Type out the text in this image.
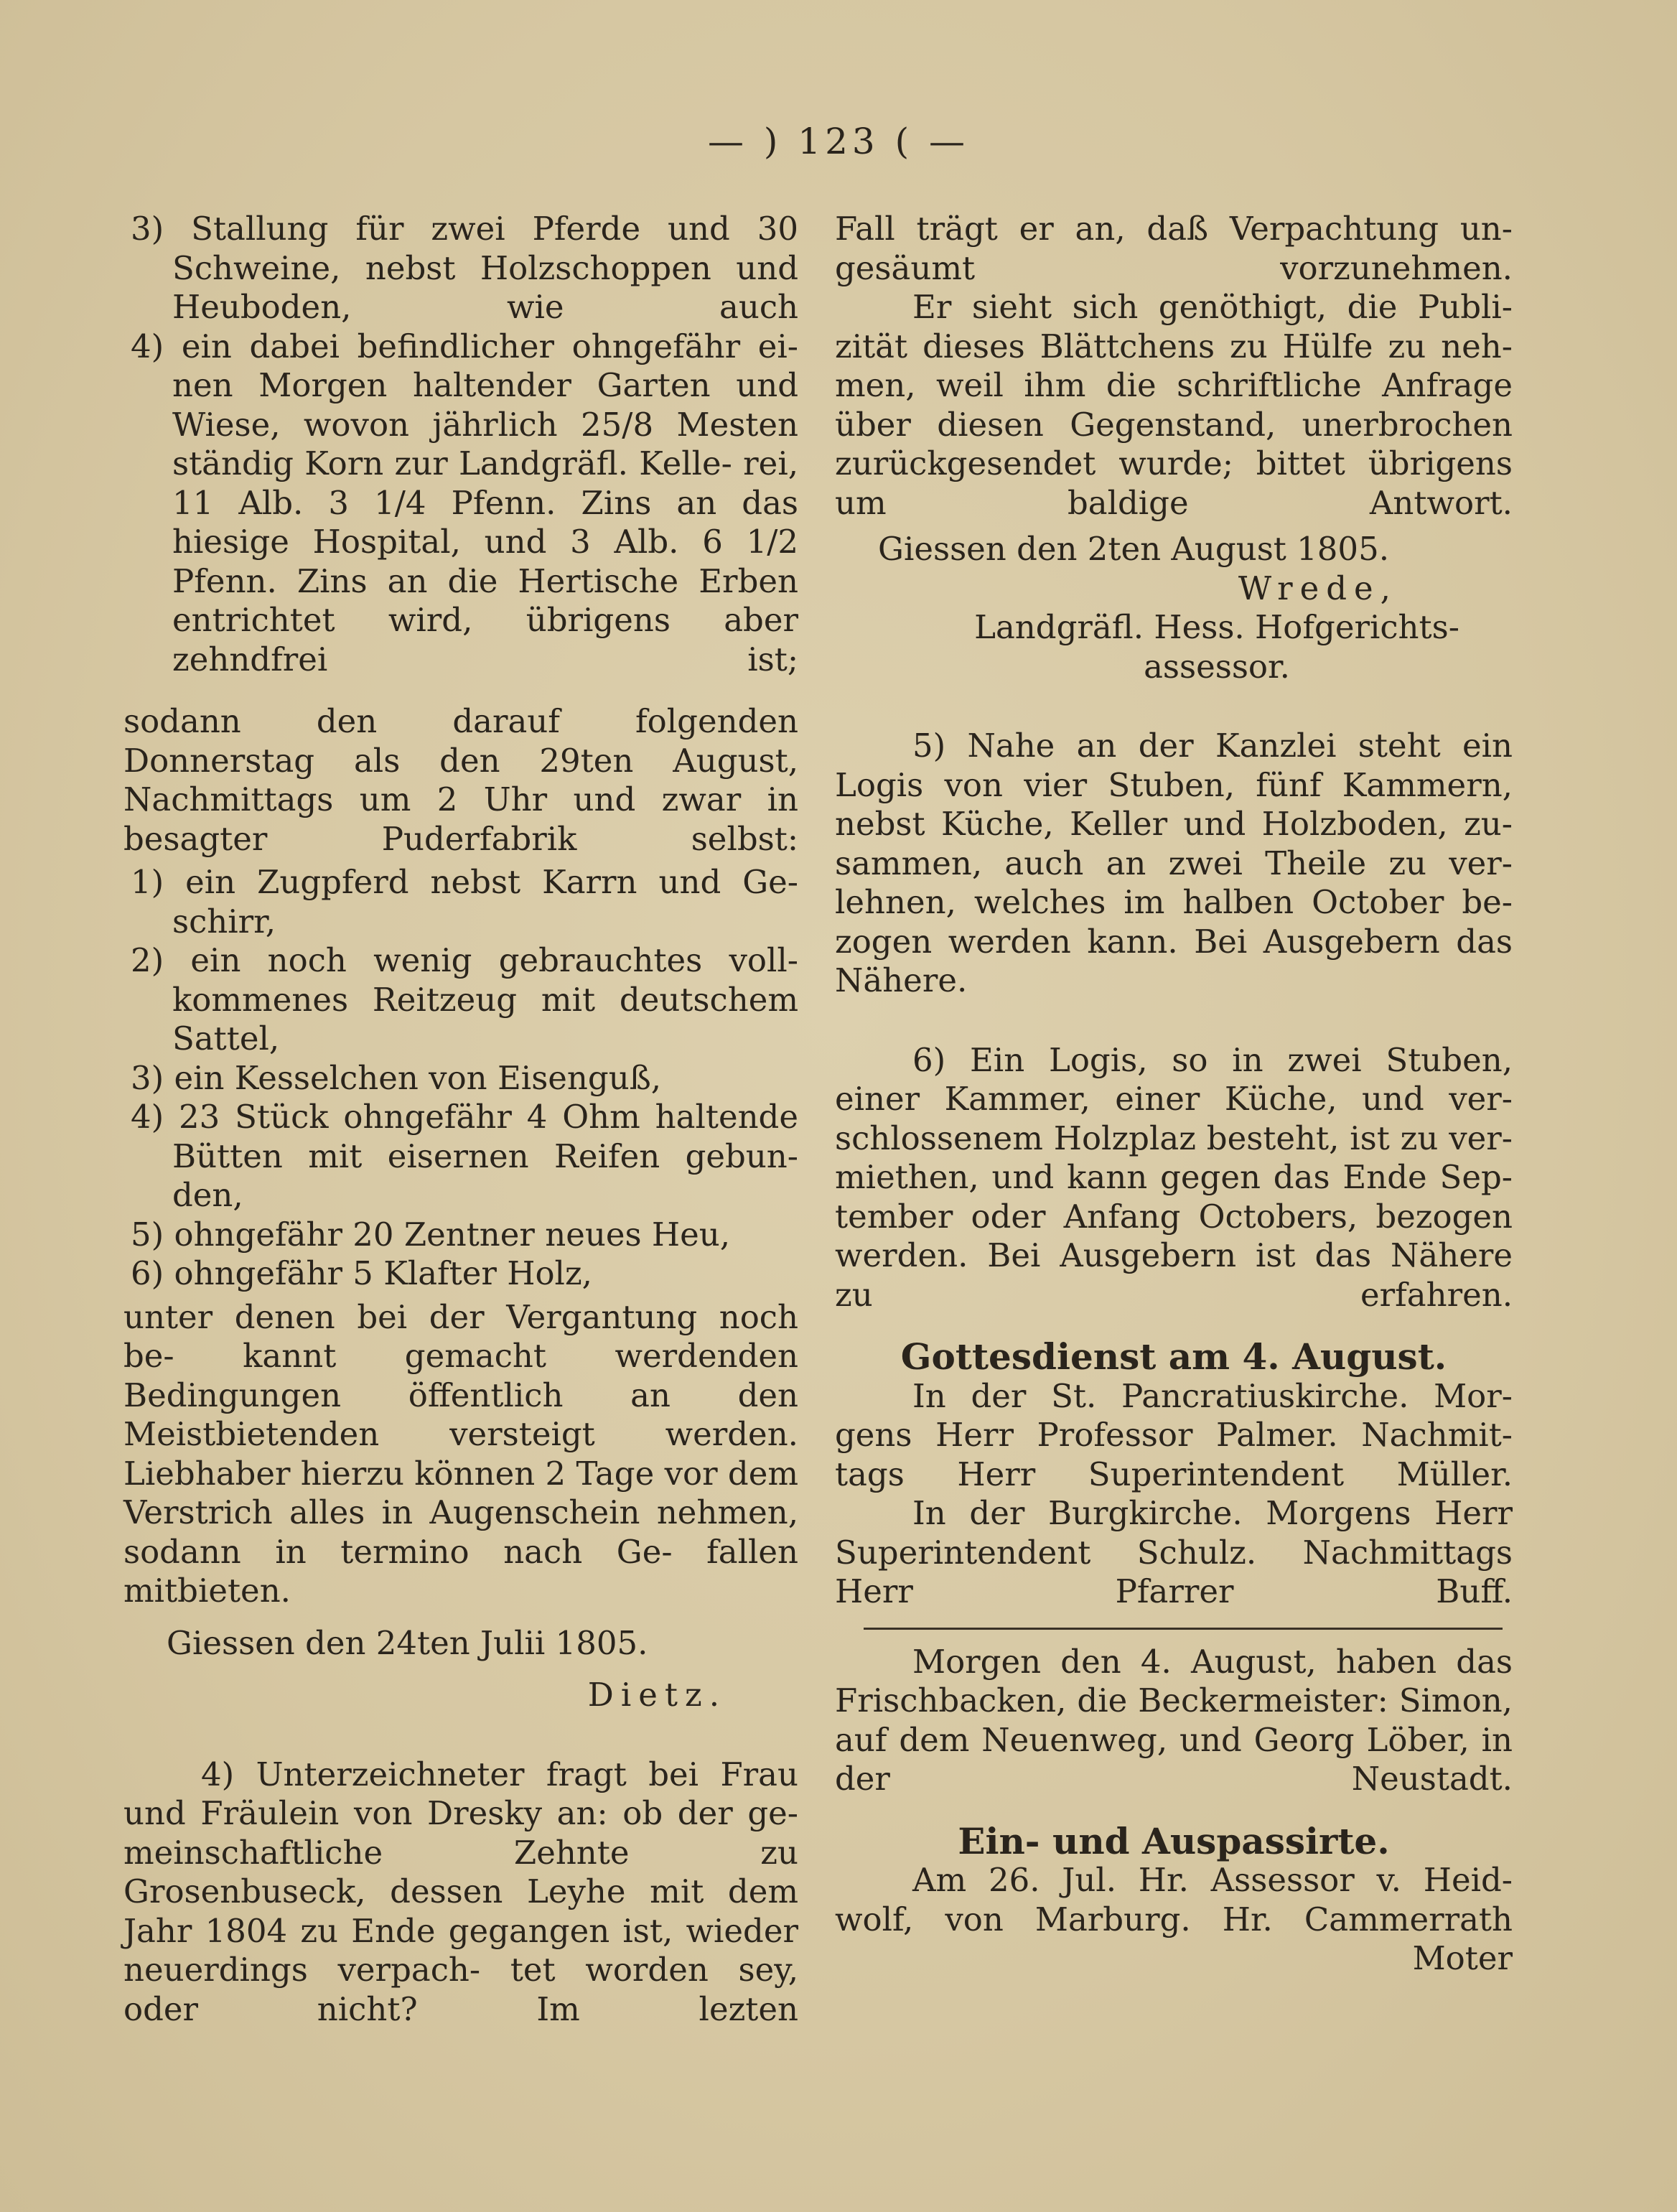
— ) 123 ( —

3) Stallung für zwei Pferde und 30 Schweine, nebst Holzschoppen und Heuboden, wie auch

4) ein dabei befindlicher ohngefähr ei- nen Morgen haltender Garten und Wiese, wovon jährlich 25/8 Mesten ständig Korn zur Landgräfl. Kelle- rei, 11 Alb. 3 1/4 Pfenn. Zins an das hiesige Hospital, und 3 Alb. 6 1/2 Pfenn. Zins an die Hertische Erben entrichtet wird, übrigens aber zehndfrei ist;

sodann den darauf folgenden Donnerstag als den 29ten August, Nachmittags um 2 Uhr und zwar in besagter Puderfabrik	selbst:

1) ein Zugpferd nebst Karrn und Ge- schirr,

2) ein noch wenig gebrauchtes voll- kommenes Reitzeug mit deutschem Sattel,

3) ein Kesselchen von Eisenguß,

4) 23 Stück ohngefähr 4 Ohm haltende Bütten mit eisernen Reifen gebun- den,

5) ohngefähr 20 Zentner neues Heu,

6) ohngefähr 5 Klafter Holz,

unter denen bei der Vergantung noch be- kannt gemacht werdenden Bedingungen öffentlich an den Meistbietenden versteigt werden. Liebhaber hierzu können 2 Tage vor dem Verstrich alles in Augenschein nehmen, sodann in termino nach Ge- fallen mitbieten.

Giessen den 24ten Julii 1805.

Dietz.

4) Unterzeichneter fragt bei Frau und Fräulein von Dresky an: ob der ge- meinschaftliche Zehnte zu Grosenbuseck, dessen Leyhe mit dem Jahr 1804 zu Ende gegangen ist, wieder neuerdings verpach- tet worden sey, oder nicht? Im lezten

Fall trägt er an, daß Verpachtung un- gesäumt vorzunehmen.

Er sieht sich genöthigt, die Publi- zität dieses Blättchens zu Hülfe zu neh- men, weil ihm die schriftliche Anfrage über diesen Gegenstand, unerbrochen zurückgesendet wurde; bittet übrigens um	baldige Antwort.

Giessen den 2ten August 1805.

Wrede,

Landgräfl. Hess. Hofgerichts-
assessor.

5) Nahe an der Kanzlei steht ein Logis von vier Stuben, fünf Kammern, nebst Küche, Keller und Holzboden, zu- sammen, auch an zwei Theile zu ver- lehnen, welches im halben October be- zogen werden kann. Bei Ausgebern das Nähere.

6) Ein Logis, so in zwei Stuben, einer Kammer, einer Küche, und ver- schlossenem Holzplaz besteht, ist zu ver- miethen, und kann gegen das Ende Sep- tember oder Anfang Octobers, bezogen werden. Bei Ausgebern ist das Nähere zu erfahren.

Gottesdienst am 4. August.

In der St. Pancratiuskirche. Mor- gens Herr Professor Palmer. Nachmit- tags Herr Superintendent Müller.

In der Burgkirche. Morgens Herr Superintendent Schulz. Nachmittags Herr Pfarrer Buff.

Morgen den 4. August, haben das Frischbacken, die Beckermeister: Simon, auf dem Neuenweg, und Georg Löber, in der Neustadt.

Ein- und Auspassirte.

Am 26. Jul. Hr. Assessor v. Heid- wolf, von Marburg. Hr. Cammerrath

Moter
